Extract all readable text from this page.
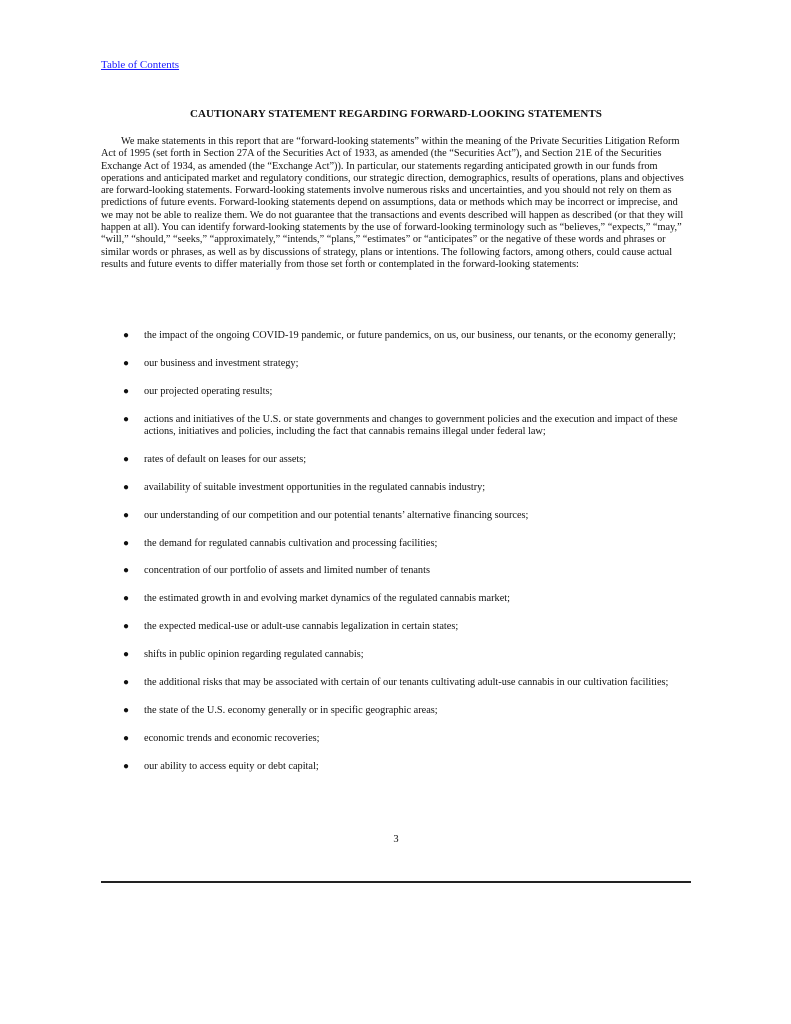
Table of Contents
CAUTIONARY STATEMENT REGARDING FORWARD-LOOKING STATEMENTS

We make statements in this report that are “forward-looking statements” within the meaning of the Private Securities Litigation Reform Act of 1995 (set forth in Section 27A of the Securities Act of 1933, as amended (the “Securities Act”), and Section 21E of the Securities Exchange Act of 1934, as amended (the “Exchange Act”)). In particular, our statements regarding anticipated growth in our funds from operations and anticipated market and regulatory conditions, our strategic direction, demographics, results of operations, plans and objectives are forward-looking statements. Forward-looking statements involve numerous risks and uncertainties, and you should not rely on them as predictions of future events. Forward-looking statements depend on assumptions, data or methods which may be incorrect or imprecise, and we may not be able to realize them. We do not guarantee that the transactions and events described will happen as described (or that they will happen at all). You can identify forward-looking statements by the use of forward-looking terminology such as “believes,” “expects,” “may,” “will,” “should,” “seeks,” “approximately,” “intends,” “plans,” “estimates” or “anticipates” or the negative of these words and phrases or similar words or phrases, as well as by discussions of strategy, plans or intentions. The following factors, among others, could cause actual results and future events to differ materially from those set forth or contemplated in the forward-looking statements:

● the impact of the ongoing COVID-19 pandemic, or future pandemics, on us, our business, our tenants, or the economy generally;
● our business and investment strategy;
● our projected operating results;
● actions and initiatives of the U.S. or state governments and changes to government policies and the execution and impact of these actions, initiatives and policies, including the fact that cannabis remains illegal under federal law;
● rates of default on leases for our assets;
● availability of suitable investment opportunities in the regulated cannabis industry;
● our understanding of our competition and our potential tenants’ alternative financing sources;
● the demand for regulated cannabis cultivation and processing facilities;
● concentration of our portfolio of assets and limited number of tenants
● the estimated growth in and evolving market dynamics of the regulated cannabis market;
● the expected medical-use or adult-use cannabis legalization in certain states;
● shifts in public opinion regarding regulated cannabis;
● the additional risks that may be associated with certain of our tenants cultivating adult-use cannabis in our cultivation facilities;
● the state of the U.S. economy generally or in specific geographic areas;
● economic trends and economic recoveries;
● our ability to access equity or debt capital;
3
